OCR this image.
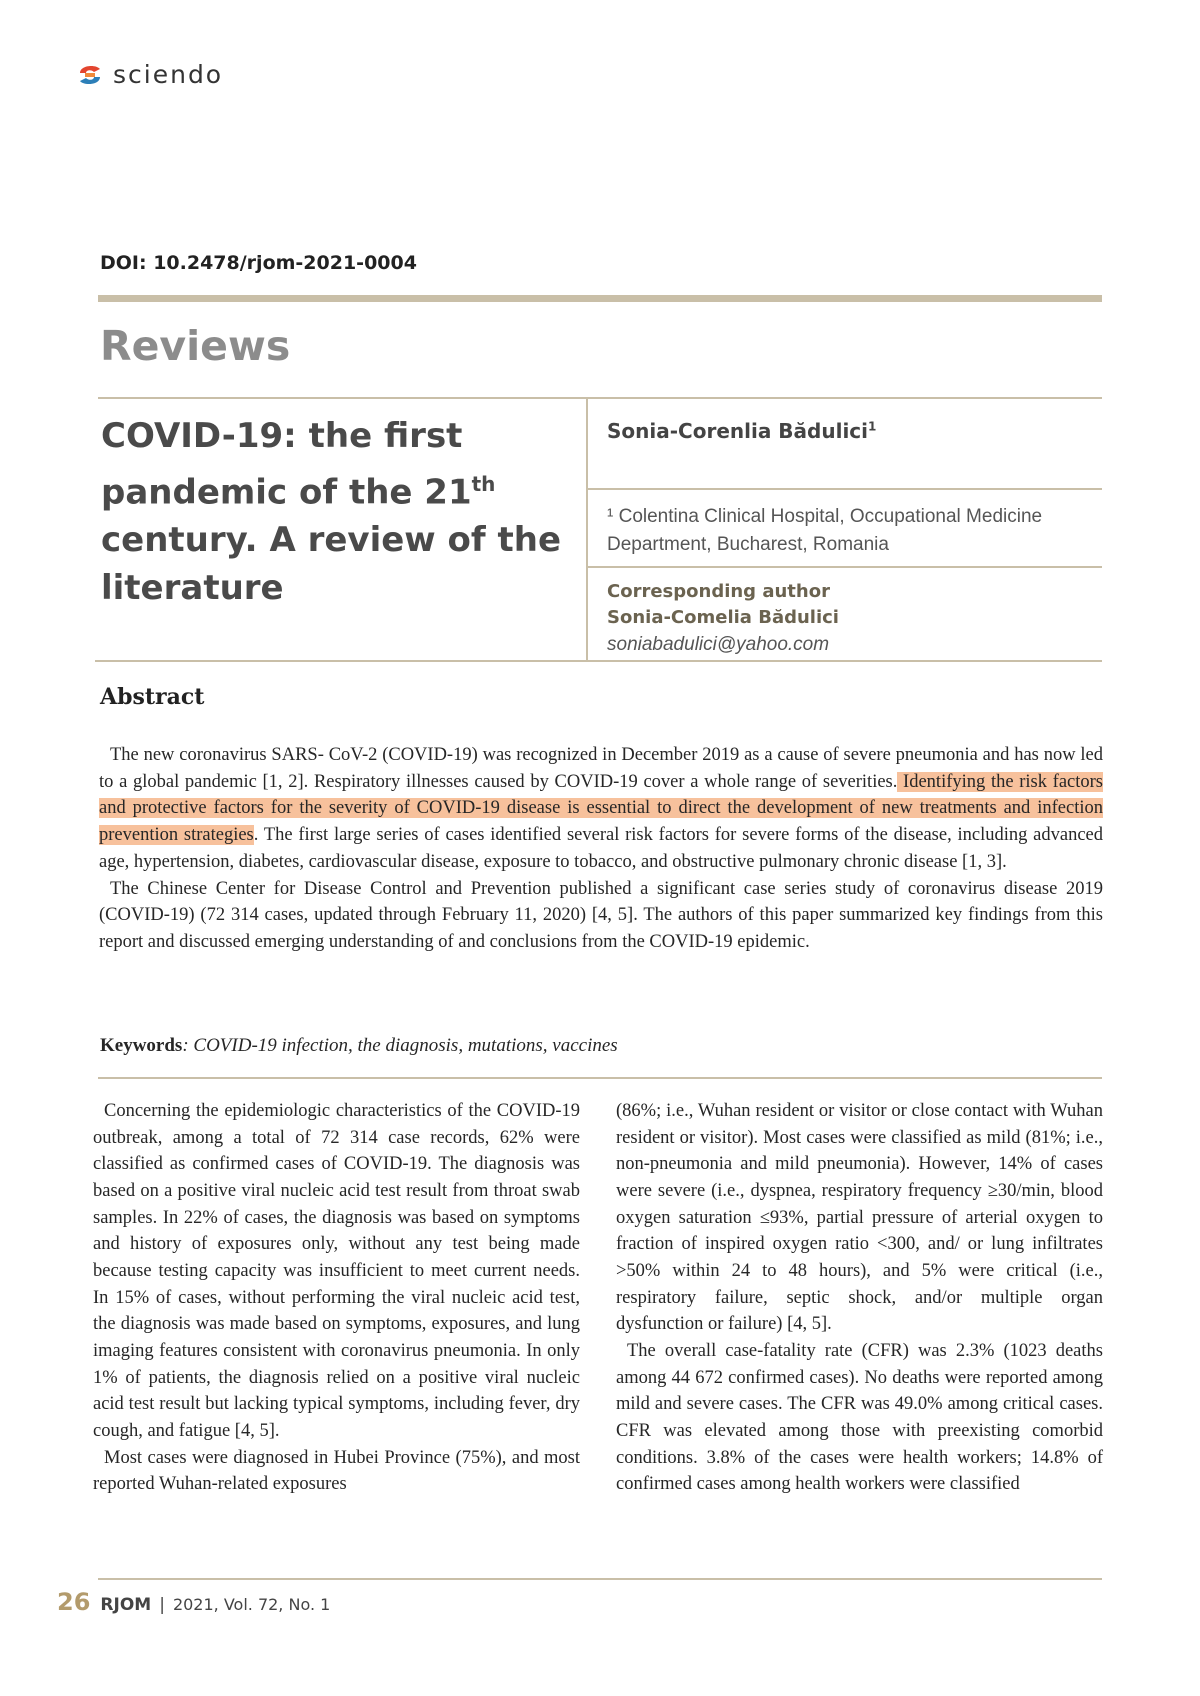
sciendo
DOI: 10.2478/rjom-2021-0004
Reviews
COVID-19: the first
pandemic of the 21th
century. A review of the
literature
Sonia-Corenlia Bădulici$^1$
¹ Colentina Clinical Hospital, Occupational Medicine
Department, Bucharest, Romania
Corresponding author
Sonia-Comelia Bădulici
soniabadulici@yahoo.com
Abstract

The new coronavirus SARS- CoV-2 (COVID-19) was recognized in December 2019 as a cause of severe pneumonia and has now led to a global pandemic [1, 2]. Respiratory illnesses caused by COVID-19 cover a whole range of severities. Identifying the risk factors and protective factors for the severity of COVID-19 disease is essential to direct the development of new treatments and infection prevention strategies. The first large series of cases identified several risk factors for severe forms of the disease, including advanced age, hypertension, diabetes, cardiovascular disease, exposure to tobacco, and obstructive pulmonary chronic disease [1, 3].

The Chinese Center for Disease Control and Prevention published a significant case series study of coronavirus disease 2019 (COVID-19) (72 314 cases, updated through February 11, 2020) [4, 5]. The authors of this paper summarized key findings from this report and discussed emerging understanding of and conclusions from the COVID-19 epidemic.

Keywords: COVID-19 infection, the diagnosis, mutations, vaccines

Concerning the epidemiologic characteristics of the COVID-19 outbreak, among a total of 72 314 case records, 62% were classified as confirmed cases of COVID-19. The diagnosis was based on a positive viral nucleic acid test result from throat swab samples. In 22% of cases, the diagnosis was based on symptoms and history of exposures only, without any test being made because testing capacity was insufficient to meet current needs. In 15% of cases, without performing the viral nucleic acid test, the diagnosis was made based on symptoms, exposures, and lung imaging features consistent with coronavirus pneumonia. In only 1% of patients, the diagnosis relied on a positive viral nucleic acid test result but lacking typical symptoms, including fever, dry cough, and fatigue [4, 5].

Most cases were diagnosed in Hubei Province (75%), and most reported Wuhan-related exposures

(86%; i.e., Wuhan resident or visitor or close contact with Wuhan resident or visitor). Most cases were classified as mild (81%; i.e., non-pneumonia and mild pneumonia). However, 14% of cases were severe (i.e., dyspnea, respiratory frequency ≥30/min, blood oxygen saturation ≤93%, partial pressure of arterial oxygen to fraction of inspired oxygen ratio <300, and/ or lung infiltrates >50% within 24 to 48 hours), and 5% were critical (i.e., respiratory failure, septic shock, and/or multiple organ dysfunction or failure) [4, 5].

The overall case-fatality rate (CFR) was 2.3% (1023 deaths among 44 672 confirmed cases). No deaths were reported among mild and severe cases. The CFR was 49.0% among critical cases. CFR was elevated among those with preexisting comorbid conditions. 3.8% of the cases were health workers; 14.8% of confirmed cases among health workers were classified

26 RJOM | 2021, Vol. 72, No. 1
